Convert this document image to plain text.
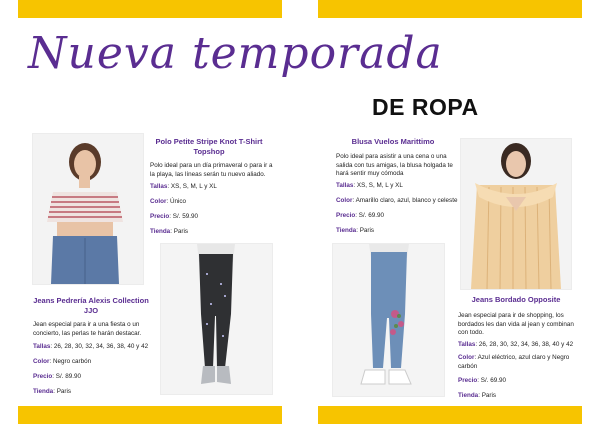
Nueva temporada
DE ROPA
Polo Petite Stripe Knot T-Shirt
Topshop
Polo ideal para un día primaveral o para ir a la playa, las líneas serán tu nuevo aliado.
Tallas: XS, S, M, L y XL
Color: Único
Precio: S/. 59.90
Tienda: Paris
Jeans Pedrería Alexis Collection
JJO
Jean especial para ir a una fiesta o un concierto, las perlas te harán destacar.
Tallas: 26, 28, 30, 32, 34, 36, 38, 40 y 42
Color: Negro carbón
Precio: S/. 89.90
Tienda: Paris
Blusa Vuelos Marittimo
Polo ideal para asistir a una cena o una salida con tus amigas, la blusa holgada te hará sentir muy cómoda
Tallas: XS, S, M, L y XL
Color: Amarillo claro, azul, blanco y celeste
Precio: S/. 69.90
Tienda: Paris
Jeans Bordado Opposite
Jean especial para ir de shopping, los bordados les dan vida al jean y combinan con todo.
Tallas: 26, 28, 30, 32, 34, 36, 38, 40 y 42
Color: Azul eléctrico, azul claro y Negro carbón
Precio: S/. 69.90
Tienda: Paris
